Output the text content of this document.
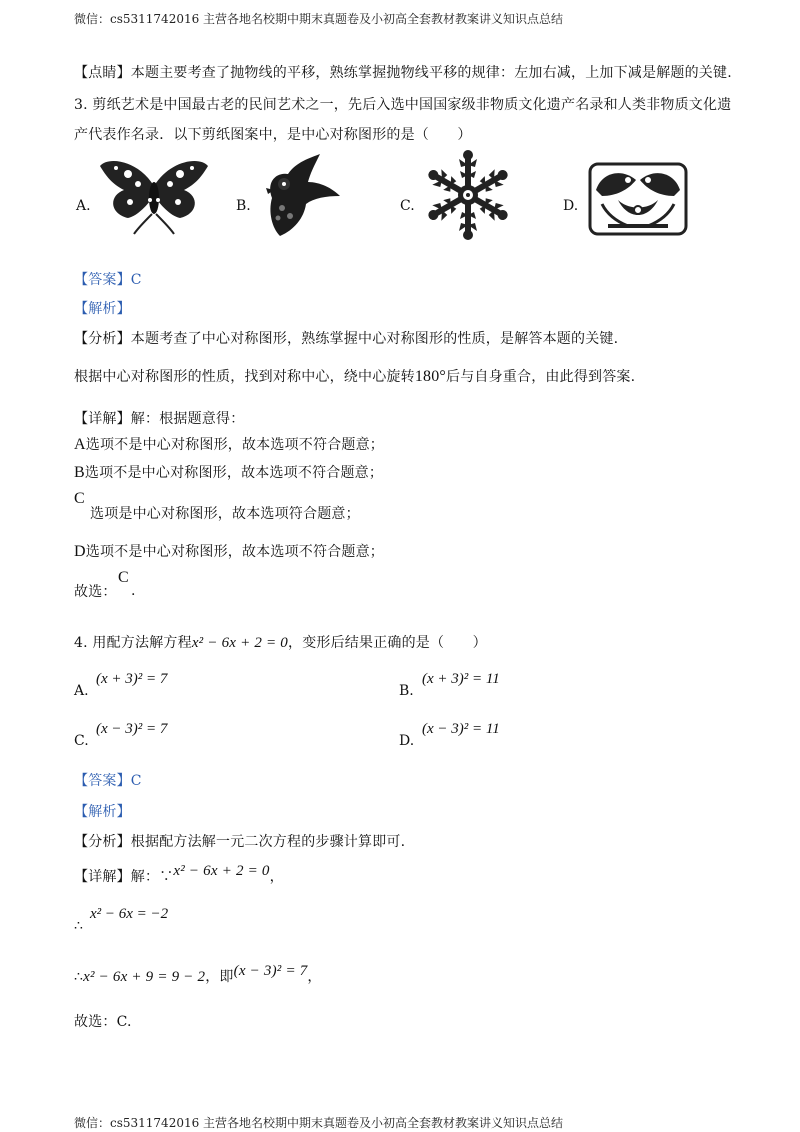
微信：cs5311742016 主营各地名校期中期末真题卷及小初高全套教材教案讲义知识点总结
【点睛】本题主要考查了抛物线的平移，熟练掌握抛物线平移的规律：左加右减，上加下减是解题的关键.
3. 剪纸艺术是中国最古老的民间艺术之一，先后入选中国国家级非物质文化遗产名录和人类非物质文化遗
产代表作名录．以下剪纸图案中，是中心对称图形的是（　　）
A.	B.	C.	D.
【答案】C
【解析】
【分析】本题考查了中心对称图形，熟练掌握中心对称图形的性质，是解答本题的关键.
根据中心对称图形的性质，找到对称中心，绕中心旋转180°后与自身重合，由此得到答案.
【详解】解：根据题意得：
A选项不是中心对称图形，故本选项不符合题意；
B选项不是中心对称图形，故本选项不符合题意；
C
选项是中心对称图形，故本选项符合题意；
D选项不是中心对称图形，故本选项不符合题意；
故选：
C
.
4. 用配方法解方程x² − 6x + 2 = 0，变形后结果正确的是（　　）
A.
(x + 3)² = 7
B.
(x + 3)² = 11
C.
(x − 3)² = 7
D.
(x − 3)² = 11
【答案】C
【解析】
【分析】根据配方法解一元二次方程的步骤计算即可.
【详解】解：∵x² − 6x + 2 = 0，
∴
x² − 6x = −2
∴x² − 6x + 9 = 9 − 2，即(x − 3)² = 7，
故选：C.
微信：cs5311742016 主营各地名校期中期末真题卷及小初高全套教材教案讲义知识点总结
